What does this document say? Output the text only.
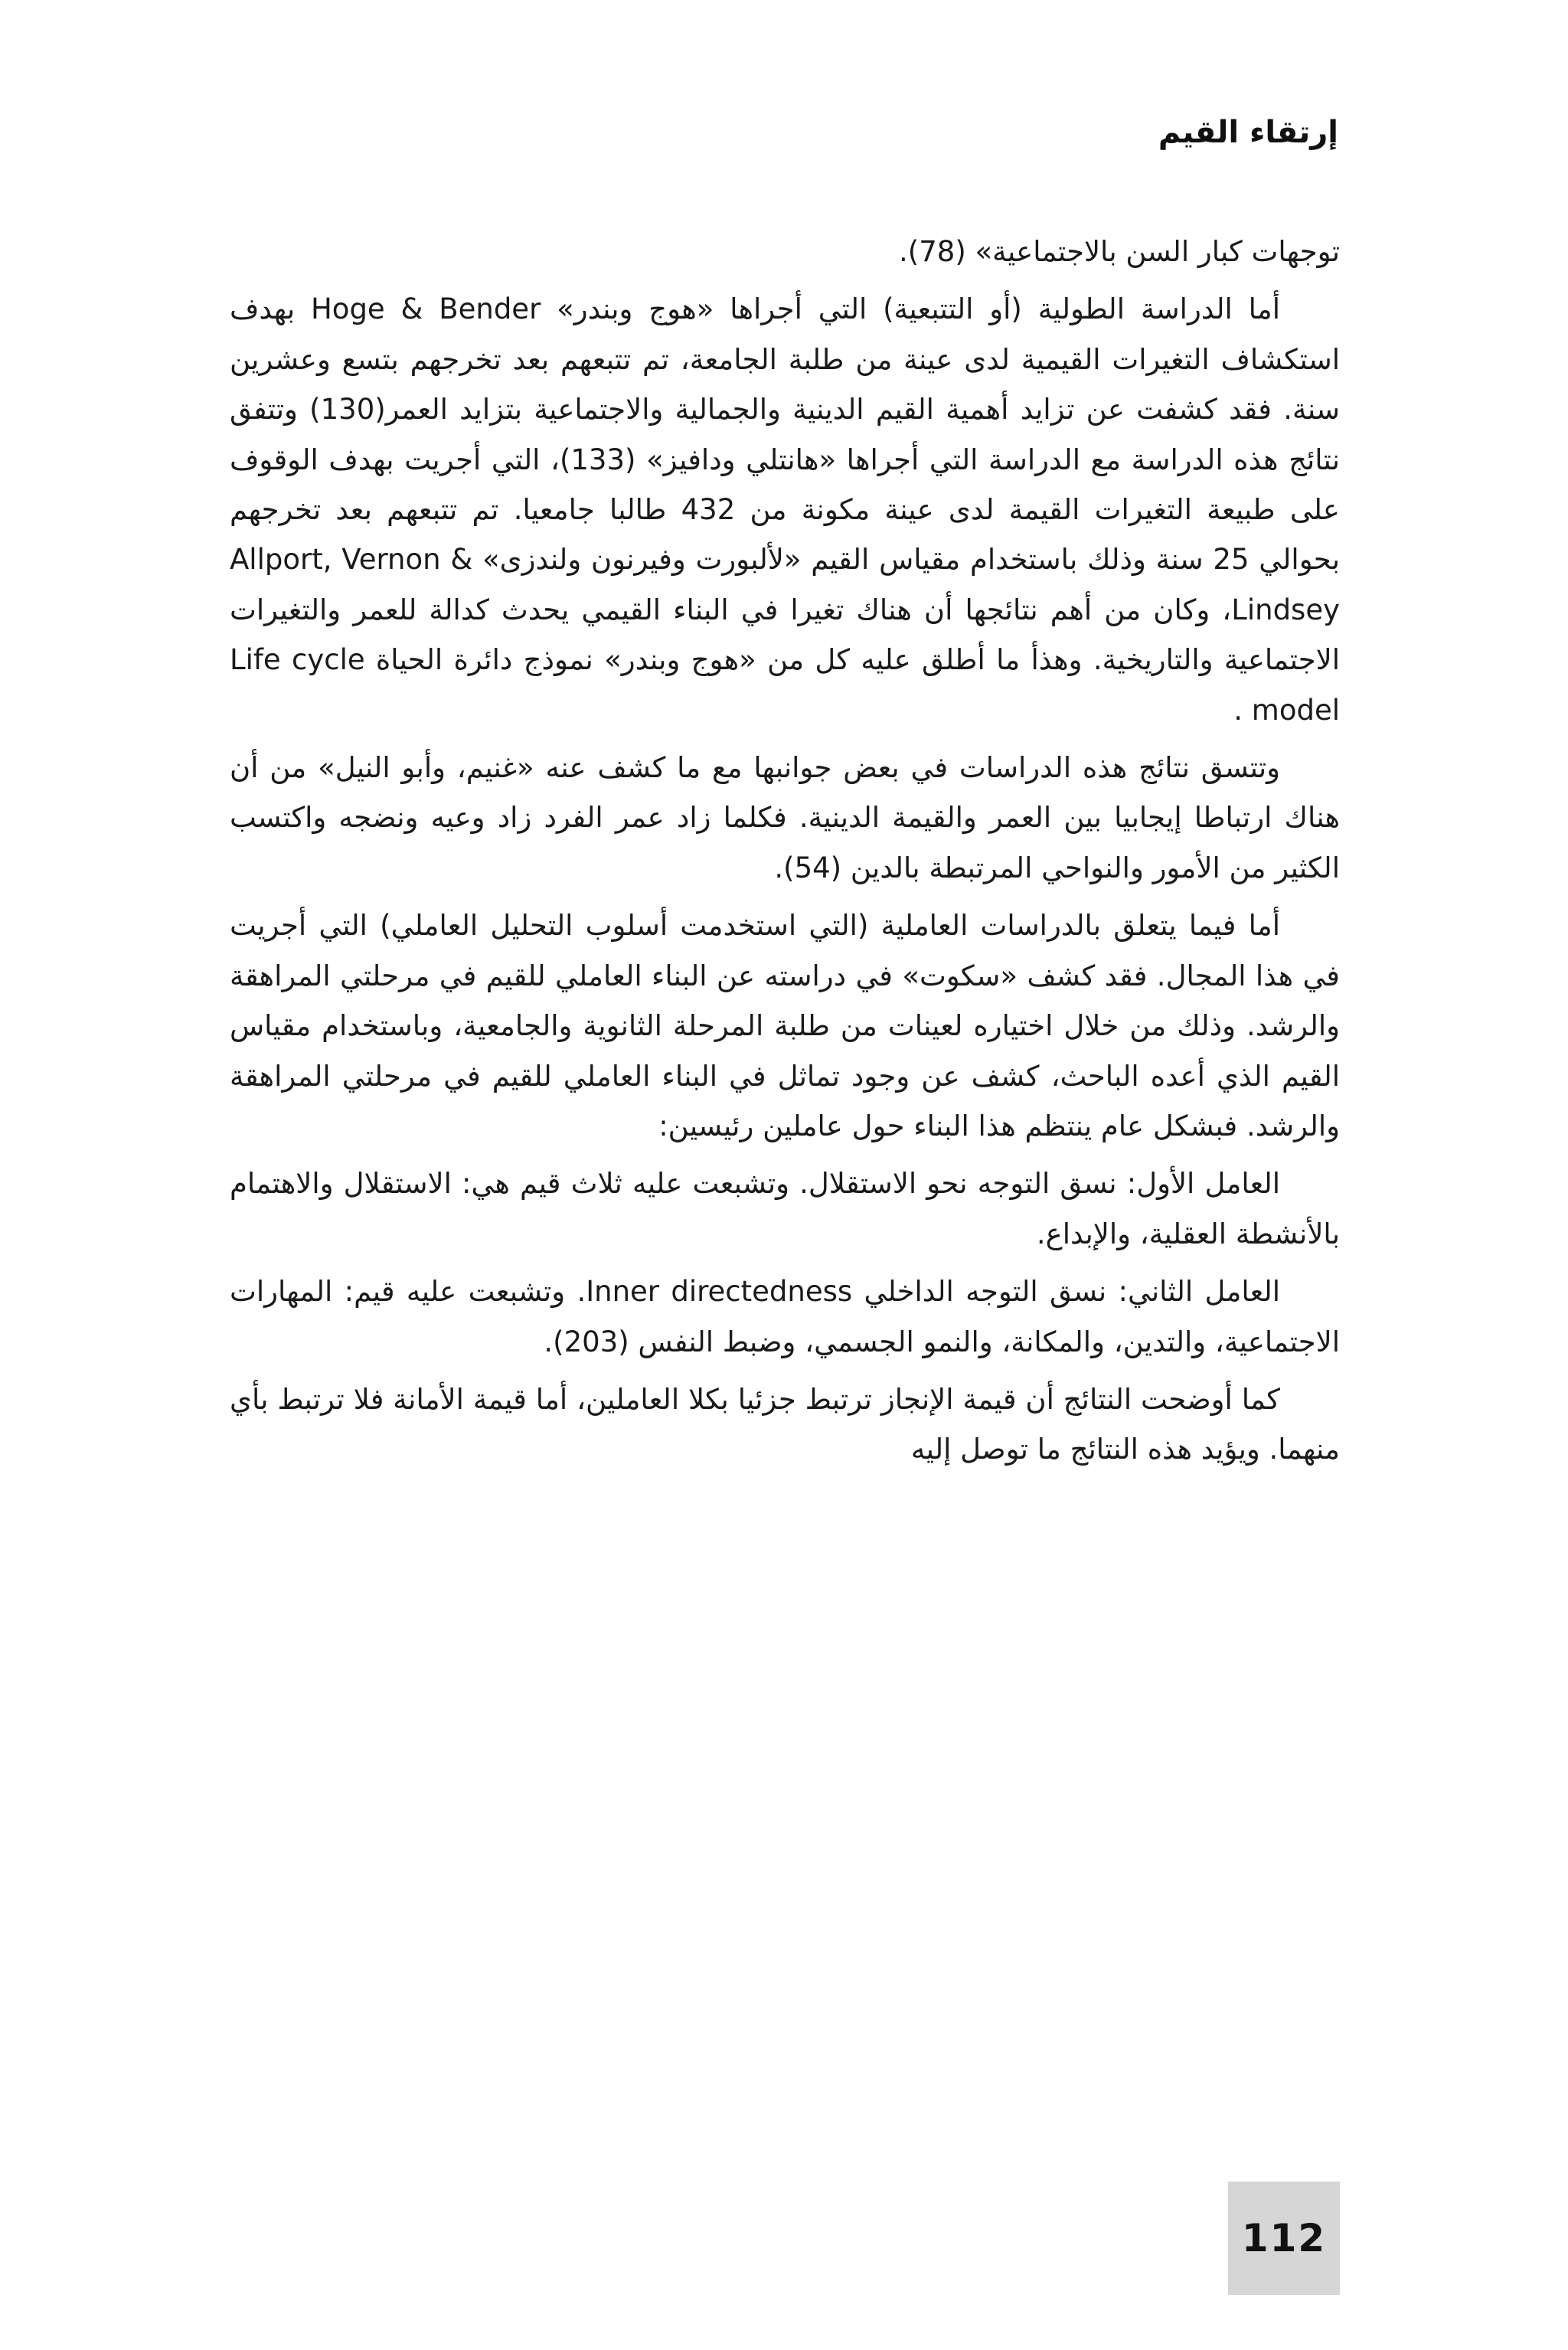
إرتقاء القيم

توجهات كبار السن بالاجتماعية» (78).

أما الدراسة الطولية (أو التتبعية) التي أجراها «هوج وبندر» Hoge & Bender بهدف استكشاف التغيرات القيمية لدى عينة من طلبة الجامعة، تم تتبعهم بعد تخرجهم بتسع وعشرين سنة. فقد كشفت عن تزايد أهمية القيم الدينية والجمالية والاجتماعية بتزايد العمر(130) وتتفق نتائج هذه الدراسة مع الدراسة التي أجراها «هانتلي ودافيز» (133)، التي أجريت بهدف الوقوف على طبيعة التغيرات القيمة لدى عينة مكونة من 432 طالبا جامعيا. تم تتبعهم بعد تخرجهم بحوالي 25 سنة وذلك باستخدام مقياس القيم «لألبورت وفيرنون ولندزى» Allport, Vernon & Lindsey، وكان من أهم نتائجها أن هناك تغيرا في البناء القيمي يحدث كدالة للعمر والتغيرات الاجتماعية والتاريخية. وهذأ ما أطلق عليه كل من «هوج وبندر» نموذج دائرة الحياة Life cycle model .

وتتسق نتائج هذه الدراسات في بعض جوانبها مع ما كشف عنه «غنيم، وأبو النيل» من أن هناك ارتباطا إيجابيا بين العمر والقيمة الدينية. فكلما زاد عمر الفرد زاد وعيه ونضجه واكتسب الكثير من الأمور والنواحي المرتبطة بالدين (54).

أما فيما يتعلق بالدراسات العاملية (التي استخدمت أسلوب التحليل العاملي) التي أجريت في هذا المجال. فقد كشف «سكوت» في دراسته عن البناء العاملي للقيم في مرحلتي المراهقة والرشد. وذلك من خلال اختياره لعينات من طلبة المرحلة الثانوية والجامعية، وباستخدام مقياس القيم الذي أعده الباحث، كشف عن وجود تماثل في البناء العاملي للقيم في مرحلتي المراهقة والرشد. فبشكل عام ينتظم هذا البناء حول عاملين رئيسين:

العامل الأول: نسق التوجه نحو الاستقلال. وتشبعت عليه ثلاث قيم هي: الاستقلال والاهتمام بالأنشطة العقلية، والإبداع.

العامل الثاني: نسق التوجه الداخلي Inner directedness. وتشبعت عليه قيم: المهارات الاجتماعية، والتدين، والمكانة، والنمو الجسمي، وضبط النفس (203).

كما أوضحت النتائج أن قيمة الإنجاز ترتبط جزئيا بكلا العاملين، أما قيمة الأمانة فلا ترتبط بأي منهما. ويؤيد هذه النتائج ما توصل إليه

112
